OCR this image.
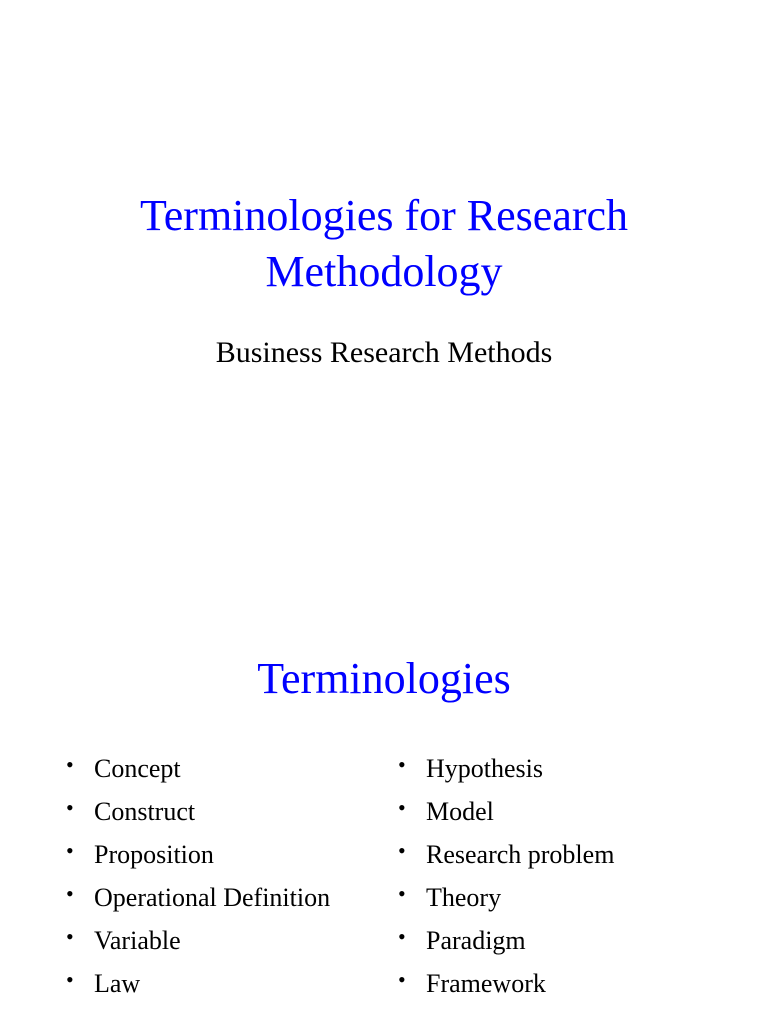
Terminologies for Research
Methodology
Business Research Methods
Terminologies
• Concept
• Construct
• Proposition
• Operational Definition
• Variable
• Law
• Hypothesis
• Model
• Research problem
• Theory
• Paradigm
• Framework
